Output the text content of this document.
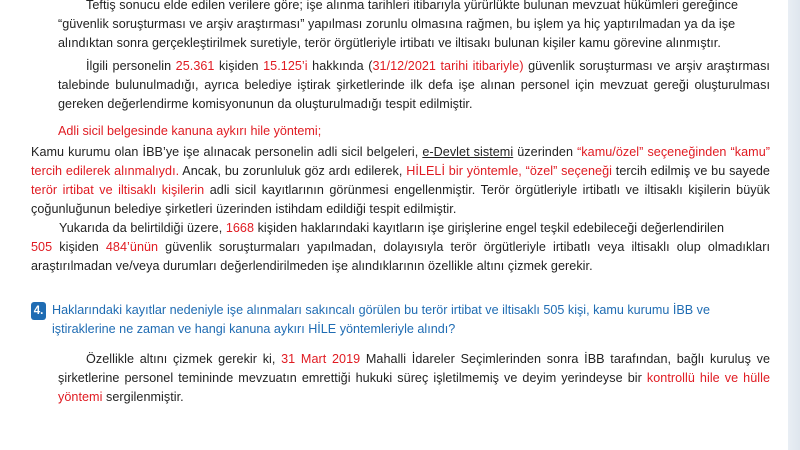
Teftiş sonucu elde edilen verilere göre; işe alınma tarihleri itibarıyla yürürlükte bulunan mevzuat hükümleri gereğince
“güvenlik soruşturması ve arşiv araştırması” yapılması zorunlu olmasına rağmen, bu işlem ya hiç yaptırılmadan ya da işe
alındıktan sonra gerçekleştirilmek suretiyle, terör örgütleriyle irtibatı ve iltisakı bulunan kişiler kamu görevine alınmıştır.
İlgili personelin 25.361 kişiden 15.125’i hakkında (31/12/2021 tarihi itibariyle) güvenlik soruşturması ve arşiv araştırması talebinde bulunulmadığı, ayrıca belediye iştirak şirketlerinde ilk defa işe alınan personel için mevzuat gereği oluşturulması gereken değerlendirme komisyonunun da oluşturulmadığı tespit edilmiştir.
Adli sicil belgesinde kanuna aykırı hile yöntemi;
Kamu kurumu olan İBB’ye işe alınacak personelin adli sicil belgeleri, e-Devlet sistemi üzerinden “kamu/özel” seçeneğinden “kamu” tercih edilerek alınmalıydı. Ancak, bu zorunluluk göz ardı edilerek, HİLELİ bir yöntemle, “özel” seçeneği tercih edilmiş ve bu sayede terör irtibat ve iltisaklı kişilerin adli sicil kayıtlarının görünmesi engellenmiştir. Terör örgütleriyle irtibatlı ve iltisaklı kişilerin büyük çoğunluğunun belediye şirketleri üzerinden istihdam edildiği tespit edilmiştir.
Yukarıda da belirtildiği üzere, 1668 kişiden haklarındaki kayıtların işe girişlerine engel teşkil edebileceği değerlendirilen
505 kişiden 484’ünün güvenlik soruşturmaları yapılmadan, dolayısıyla terör örgütleriyle irtibatlı veya iltisaklı olup olmadıkları araştırılmadan ve/veya durumları değerlendirilmeden işe alındıklarının özellikle altını çizmek gerekir.
4. Haklarındaki kayıtlar nedeniyle işe alınmaları sakıncalı görülen bu terör irtibat ve iltisaklı 505 kişi, kamu kurumu İBB ve iştiraklerine ne zaman ve hangi kanuna aykırı HİLE yöntemleriyle alındı?
Özellikle altını çizmek gerekir ki, 31 Mart 2019 Mahalli İdareler Seçimlerinden sonra İBB tarafından, bağlı kuruluş ve şirketlerine personel temininde mevzuatın emrettiği hukuki süreç işletilmemiş ve deyim yerindeyse bir kontrollü hile ve hülle yöntemi sergilenmiştir.
